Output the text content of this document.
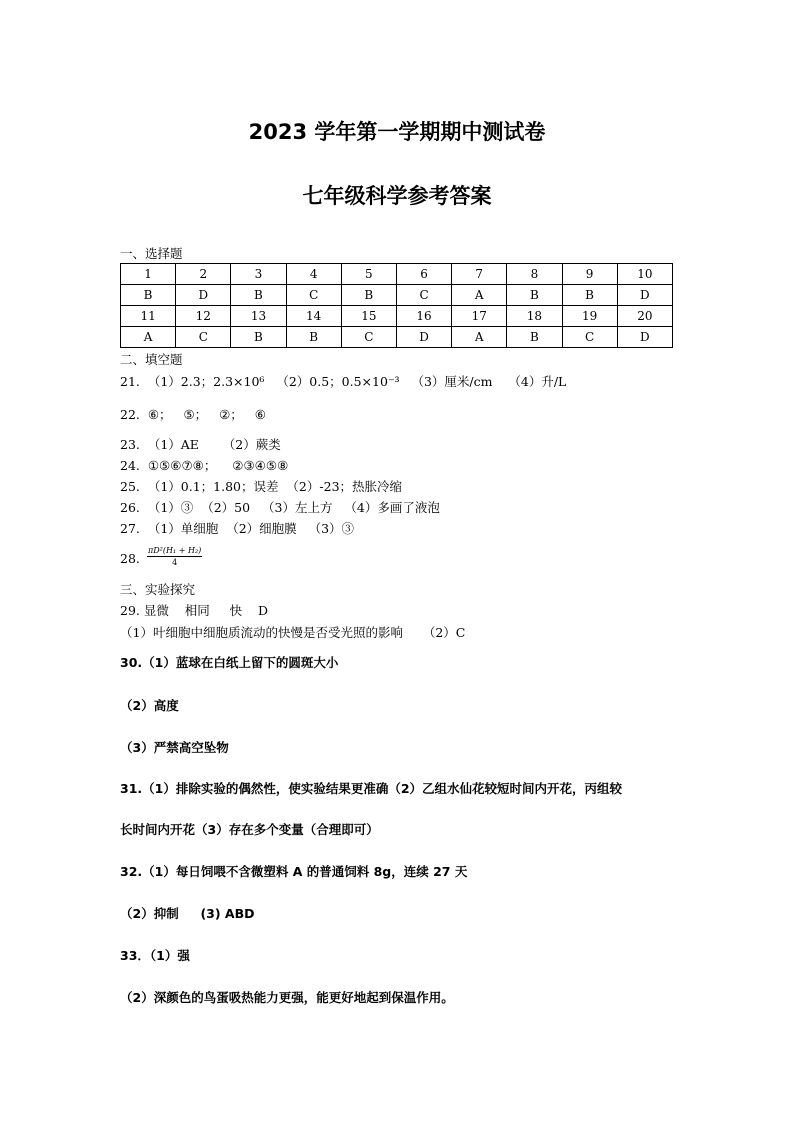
2023 学年第一学期期中测试卷
七年级科学参考答案
一、选择题
1	2	3	4	5	6	7	8	9	10
B	D	B	C	B	C	A	B	B	D
11	12	13	14	15	16	17	18	19	20
A	C	B	B	C	D	A	B	C	D
二、填空题
21.  （1）2.3；2.3×10⁶   （2）0.5；0.5×10⁻³   （3）厘米/cm    （4）升/L
22.  ⑥；   ⑤；   ②；   ⑥
23.  （1）AE      （2）蕨类
24.  ①⑤⑥⑦⑧；    ②③④⑤⑧
25.  （1）0.1；1.80；误差  （2）-23；热胀冷缩
26.  （1）③  （2）50   （3）左上方   （4）多画了液泡
27.  （1）单细胞  （2）细胞膜   （3）③
28. $\frac{\text{πD²(H₁ + H₂)}}{4}$
三、实验探究
29. 显微    相同     快    D
（1）叶细胞中细胞质流动的快慢是否受光照的影响     （2）C
30.（1）蓝球在白纸上留下的圆斑大小
（2）高度
（3）严禁高空坠物
31.（1）排除实验的偶然性，使实验结果更准确（2）乙组水仙花较短时间内开花，丙组较
长时间内开花（3）存在多个变量（合理即可）
32.（1）每日饲喂不含微塑料 A 的普通饲料 8g，连续 27 天
（2）抑制     (3) ABD
33．（1）强
（2）深颜色的鸟蛋吸热能力更强，能更好地起到保温作用。
